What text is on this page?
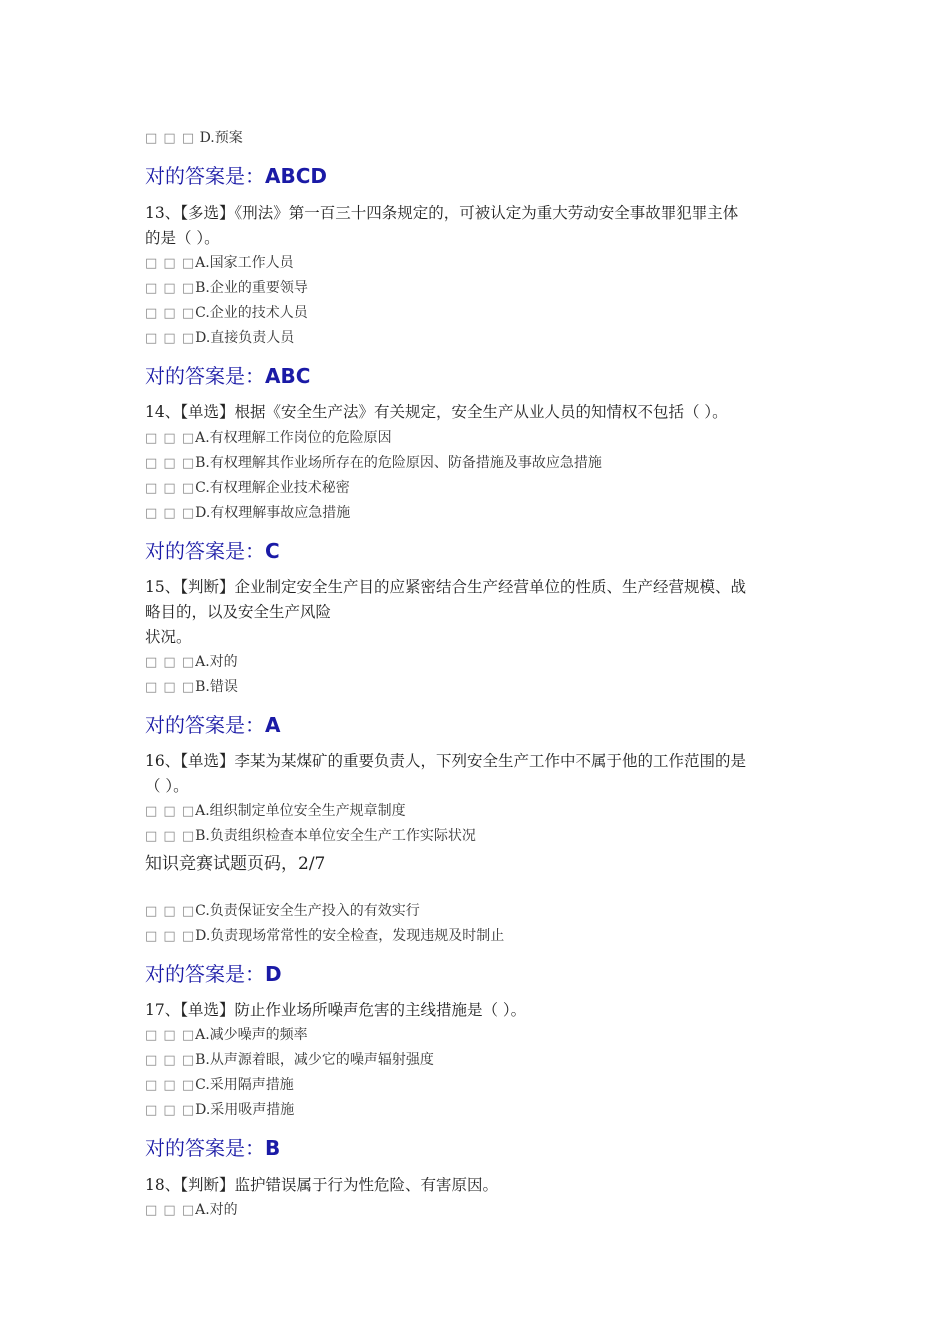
□ □ □ D.预案
对的答案是：ABCD
13、【多选】《刑法》第一百三十四条规定的，可被认定为重大劳动安全事故罪犯罪主体
的是（ ）。
□ □ □A.国家工作人员
□ □ □B.企业的重要领导
□ □ □C.企业的技术人员
□ □ □D.直接负责人员
对的答案是：ABC
14、【单选】根据《安全生产法》有关规定，安全生产从业人员的知情权不包括（ ）。
□ □ □A.有权理解工作岗位的危险原因
□ □ □B.有权理解其作业场所存在的危险原因、防备措施及事故应急措施
□ □ □C.有权理解企业技术秘密
□ □ □D.有权理解事故应急措施
对的答案是：C
15、【判断】企业制定安全生产目的应紧密结合生产经营单位的性质、生产经营规模、战
略目的，以及安全生产风险
状况。
□ □ □A.对的
□ □ □B.错误
对的答案是：A
16、【单选】李某为某煤矿的重要负责人，下列安全生产工作中不属于他的工作范围的是
（ ）。
□ □ □A.组织制定单位安全生产规章制度
□ □ □B.负责组织检查本单位安全生产工作实际状况
知识竞赛试题页码，2/7
□ □ □C.负责保证安全生产投入的有效实行
□ □ □D.负责现场常常性的安全检查，发现违规及时制止
对的答案是：D
17、【单选】防止作业场所噪声危害的主线措施是（ ）。
□ □ □A.减少噪声的频率
□ □ □B.从声源着眼，减少它的噪声辐射强度
□ □ □C.采用隔声措施
□ □ □D.采用吸声措施
对的答案是：B
18、【判断】监护错误属于行为性危险、有害原因。
□ □ □A.对的
